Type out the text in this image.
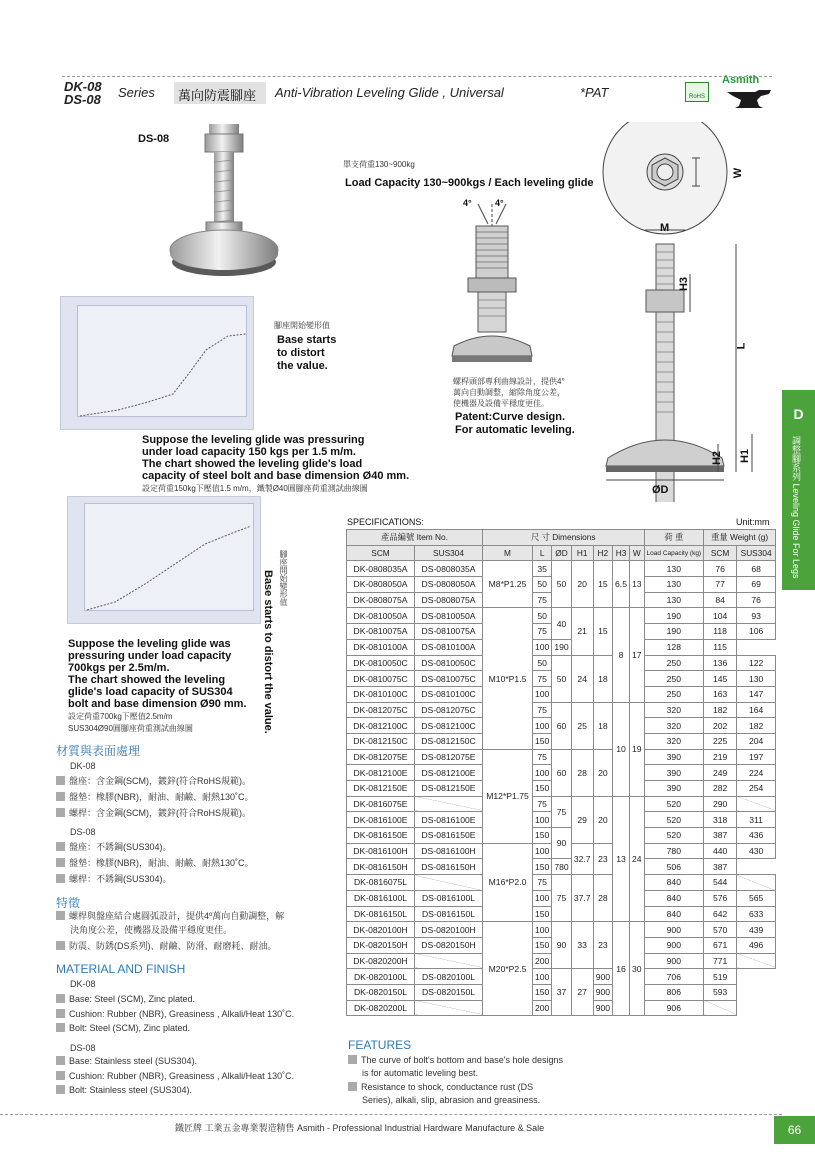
DK-08
DS-08 Series	萬向防震腳座	Anti-Vibration Leveling Glide , Universal	*PAT	RoHS
Asmith
DS-08
單支荷重130~900kg
Load Capacity 130~900kgs / Each leveling glide
4°	4°
螺桿頭部專利曲線設計，提供4°
萬向自動調整，縮除角度公差，
使機器及設備平穩度更佳。
Patent:Curve design.
For automatic leveling.
W
M
H3
L
H2 H1
ØD
腳座開始變形值
Base starts
to distort
the value.
Suppose the leveling glide was pressuring
under load capacity 150 kgs per 1.5 m/m.
The chart showed the leveling glide's load
capacity of steel bolt and base dimension Ø40 mm.
設定荷重150kg下壓值1.5 m/m，鐵製Ø40圓腳座荷重測試曲線圖
腳座開始變形值
Base starts to distort the value.
Suppose the leveling glide was
pressuring under load capacity
700kgs per 2.5m/m.
The chart showed the leveling
glide's load capacity of SUS304
bolt and base dimension Ø90 mm.
設定荷重700kg下壓值2.5m/m
SUS304Ø90圓腳座荷重測試曲線圖
SPECIFICATIONS:	Unit:mm
產品編號 Item No.		尺 寸 Dimensions							荷 重	重量 Weight (g)	
SCM	SUS304	M	L	ØD	H1	H2	H3	W	Load Capacity (kg)	SCM	SUS304
DK-0808035A	DS-0808035A	M8*P1.25	35	50	20	15	6.5	13	130	76	68
DK-0808050A	DS-0808050A		50						130	77	69
DK-0808075A	DS-0808075A		75						130	84	76
DK-0810050A	DS-0810050A	M10*P1.5	50	40	21	15	8	17	190	104	93
DK-0810075A	DS-0810075A		75						190	118	106
DK-0810100A	DS-0810100A		100	190					128	115	
DK-0810050C	DS-0810050C		50	50	24	18			250	136	122
DK-0810075C	DS-0810075C		75						250	145	130
DK-0810100C	DS-0810100C		100						250	163	147
DK-0812075C	DS-0812075C		75	60	25	18	10	19	320	182	164
DK-0812100C	DS-0812100C		100						320	202	182
DK-0812150C	DS-0812150C		150						320	225	204
DK-0812075E	DS-0812075E	M12*P1.75	75	60	28	20			390	219	197
DK-0812100E	DS-0812100E		100						390	249	224
DK-0812150E	DS-0812150E		150						390	282	254
DK-0816075E			75	75	29	20	13	24	520	290	
DK-0816100E	DS-0816100E		100						520	318	311
DK-0816150E	DS-0816150E		150	90					520	387	436
DK-0816100H	DS-0816100H	M16*P2.0	100		32.7	23			780	440	430
DK-0816150H	DS-0816150H		150	780					506	387	
DK-0816075L			75	75	37.7	28			840	544	
DK-0816100L	DS-0816100L		100						840	576	565
DK-0816150L	DS-0816150L		150						840	642	633
DK-0820100H	DS-0820100H	M20*P2.5	100	90	33	23	16	30	900	570	439
DK-0820150H	DS-0820150H		150						900	671	496
DK-0820200H			200						900	771	
DK-0820100L	DS-0820100L		100	37	27	900			706	519	
DK-0820150L	DS-0820150L		150			900			806	593	
DK-0820200L			200			900			906		
材質與表面處理
DK-08
盤座：含金鋼(SCM)，鍍鋅(符合RoHS規範)。
盤墊：橡膠(NBR)，耐油、耐鹼、耐熱130˚C。
螺桿：含金鋼(SCM)，鍍鋅(符合RoHS規範)。
DS-08
盤座：不銹鋼(SUS304)。
盤墊：橡膠(NBR)，耐油、耐鹼、耐熱130˚C。
螺桿：不銹鋼(SUS304)。
特徵
螺桿與盤座結合處圓弧設計，提供4º萬向自動調整，解
決角度公差，使機器及設備平穩度更佳。
防震、防銹(DS系列)、耐鹼、防滑、耐磨耗、耐油。
MATERIAL AND FINISH
DK-08
Base: Steel (SCM), Zinc plated.
Cushion: Rubber (NBR), Greasiness , Alkali/Heat 130˚C.
Bolt: Steel (SCM), Zinc plated.
DS-08
Base: Stainless steel (SUS304).
Cushion: Rubber (NBR), Greasiness , Alkali/Heat 130˚C.
Bolt: Stainless steel (SUS304).
FEATURES
The curve of bolt's bottom and base's hole designs
is for automatic leveling best.
Resistance to shock, conductance rust (DS
Series), alkali, slip, abrasion and greasiness.
D
調整腳系列 Leveling Glide For Legs
鐵匠牌 工業五金專業製造精售 Asmith - Professional Industrial Hardware Manufacture & Sale	66
